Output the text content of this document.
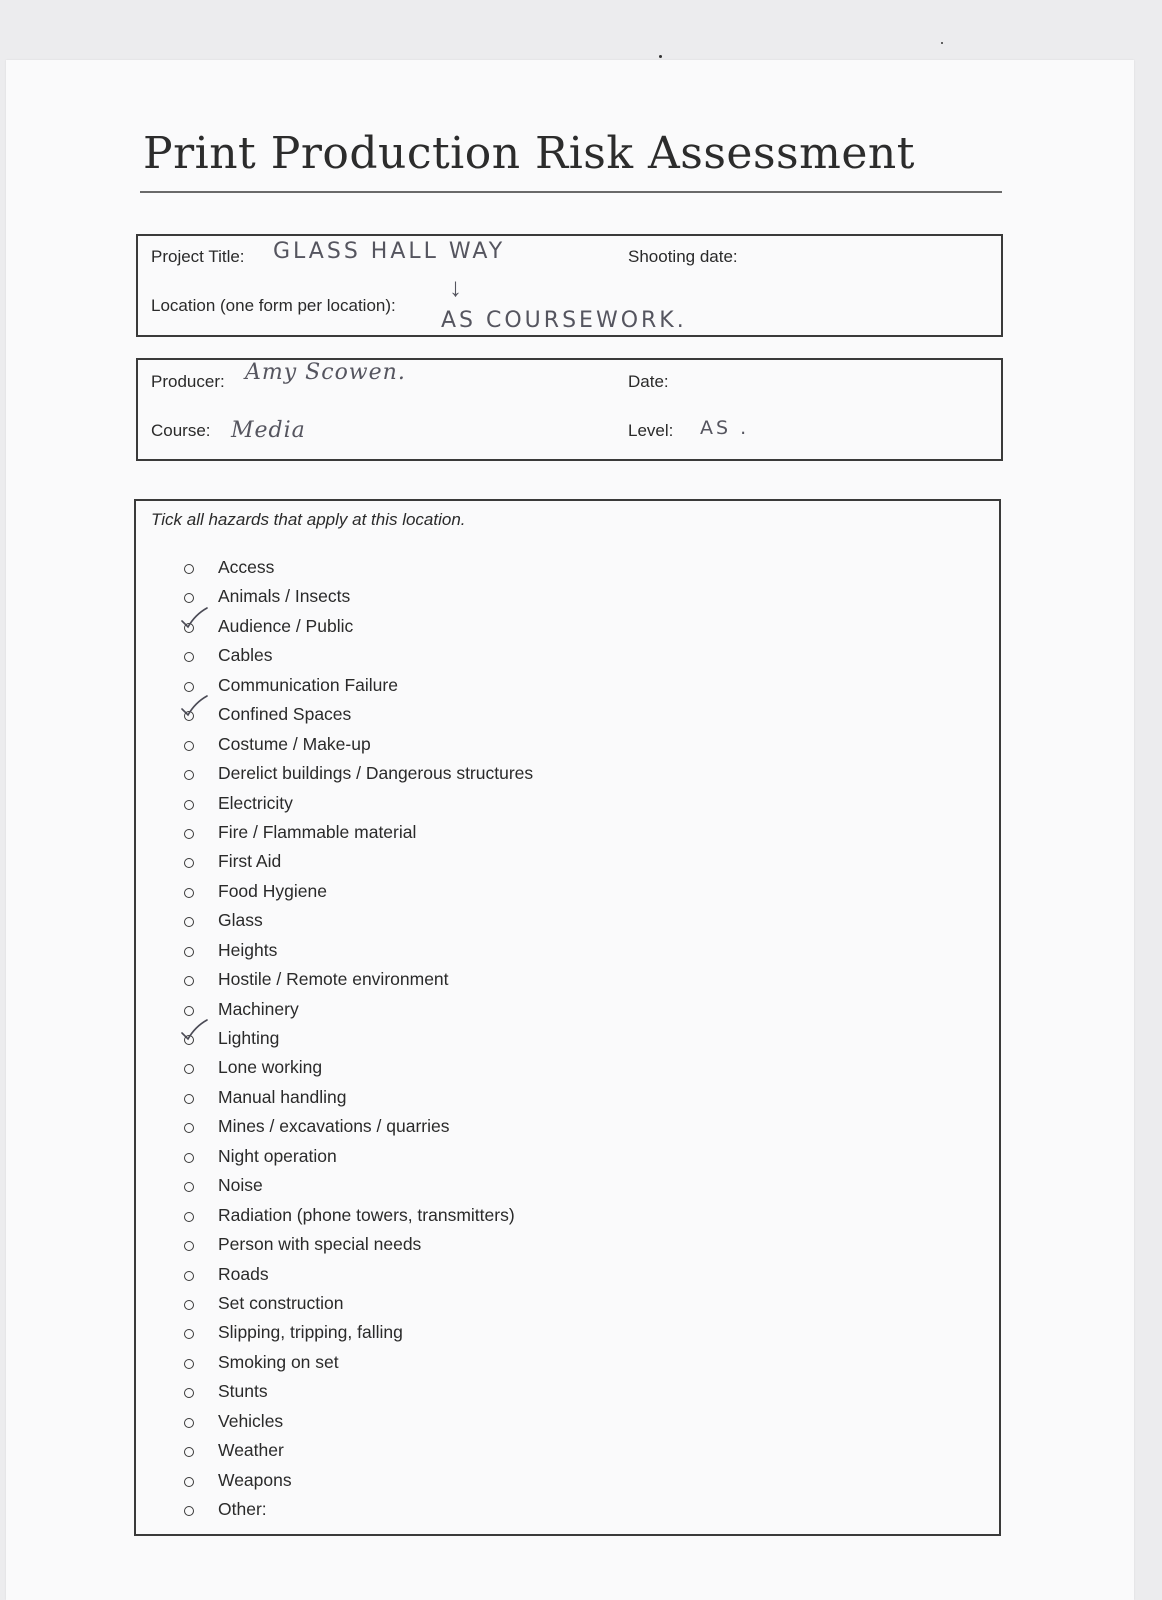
Print Production Risk Assessment
Project Title: GLASS HALL WAY	Shooting date:
Location (one form per location):
↓
AS COURSEWORK.
Producer: Amy Scowen.	Date:
Course: Media	Level: AS .
Tick all hazards that apply at this location.
Access
Animals / Insects
Audience / Public
Cables
Communication Failure
Confined Spaces
Costume / Make-up
Derelict buildings / Dangerous structures
Electricity
Fire / Flammable material
First Aid
Food Hygiene
Glass
Heights
Hostile / Remote environment
Machinery
Lighting
Lone working
Manual handling
Mines / excavations / quarries
Night operation
Noise
Radiation (phone towers, transmitters)
Person with special needs
Roads
Set construction
Slipping, tripping, falling
Smoking on set
Stunts
Vehicles
Weather
Weapons
Other:
